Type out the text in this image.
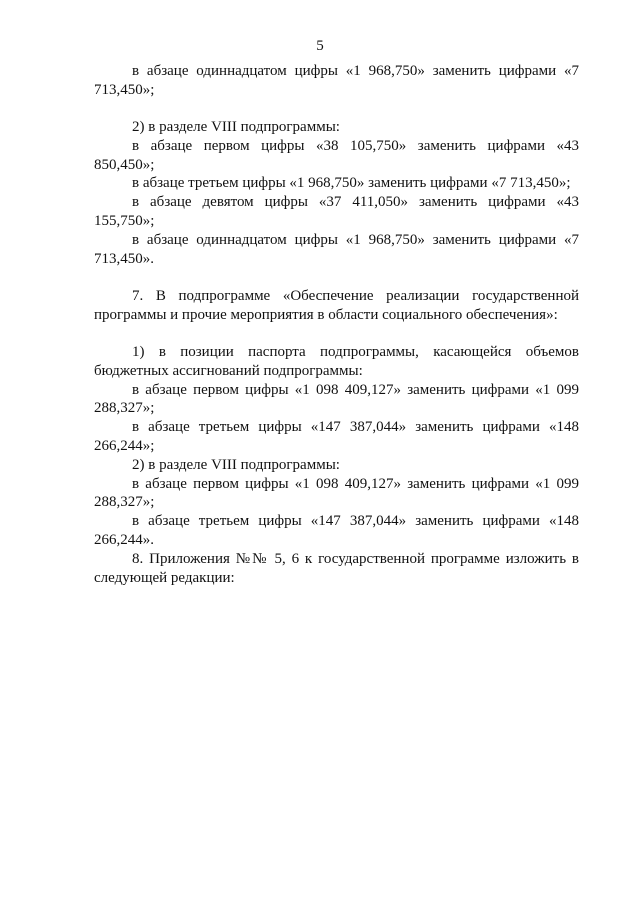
5

в абзаце одиннадцатом цифры «1 968,750» заменить цифрами «7 713,450»;

2) в разделе VIII подпрограммы:

в абзаце первом цифры «38 105,750» заменить цифрами «43 850,450»;

в абзаце третьем цифры «1 968,750» заменить цифрами «7 713,450»;

в абзаце девятом цифры «37 411,050» заменить цифрами «43 155,750»;

в абзаце одиннадцатом цифры «1 968,750» заменить цифрами «7 713,450».

7. В подпрограмме «Обеспечение реализации государственной программы и прочие мероприятия в области социального обеспечения»:

1) в позиции паспорта подпрограммы, касающейся объемов бюджетных ассигнований подпрограммы:

в абзаце первом цифры «1 098 409,127» заменить цифрами «1 099 288,327»;

в абзаце третьем цифры «147 387,044» заменить цифрами «148 266,244»;

2) в разделе VIII подпрограммы:

в абзаце первом цифры «1 098 409,127» заменить цифрами «1 099 288,327»;

в абзаце третьем цифры «147 387,044» заменить цифрами «148 266,244».

8. Приложения №№ 5, 6 к государственной программе изложить в следующей редакции:
